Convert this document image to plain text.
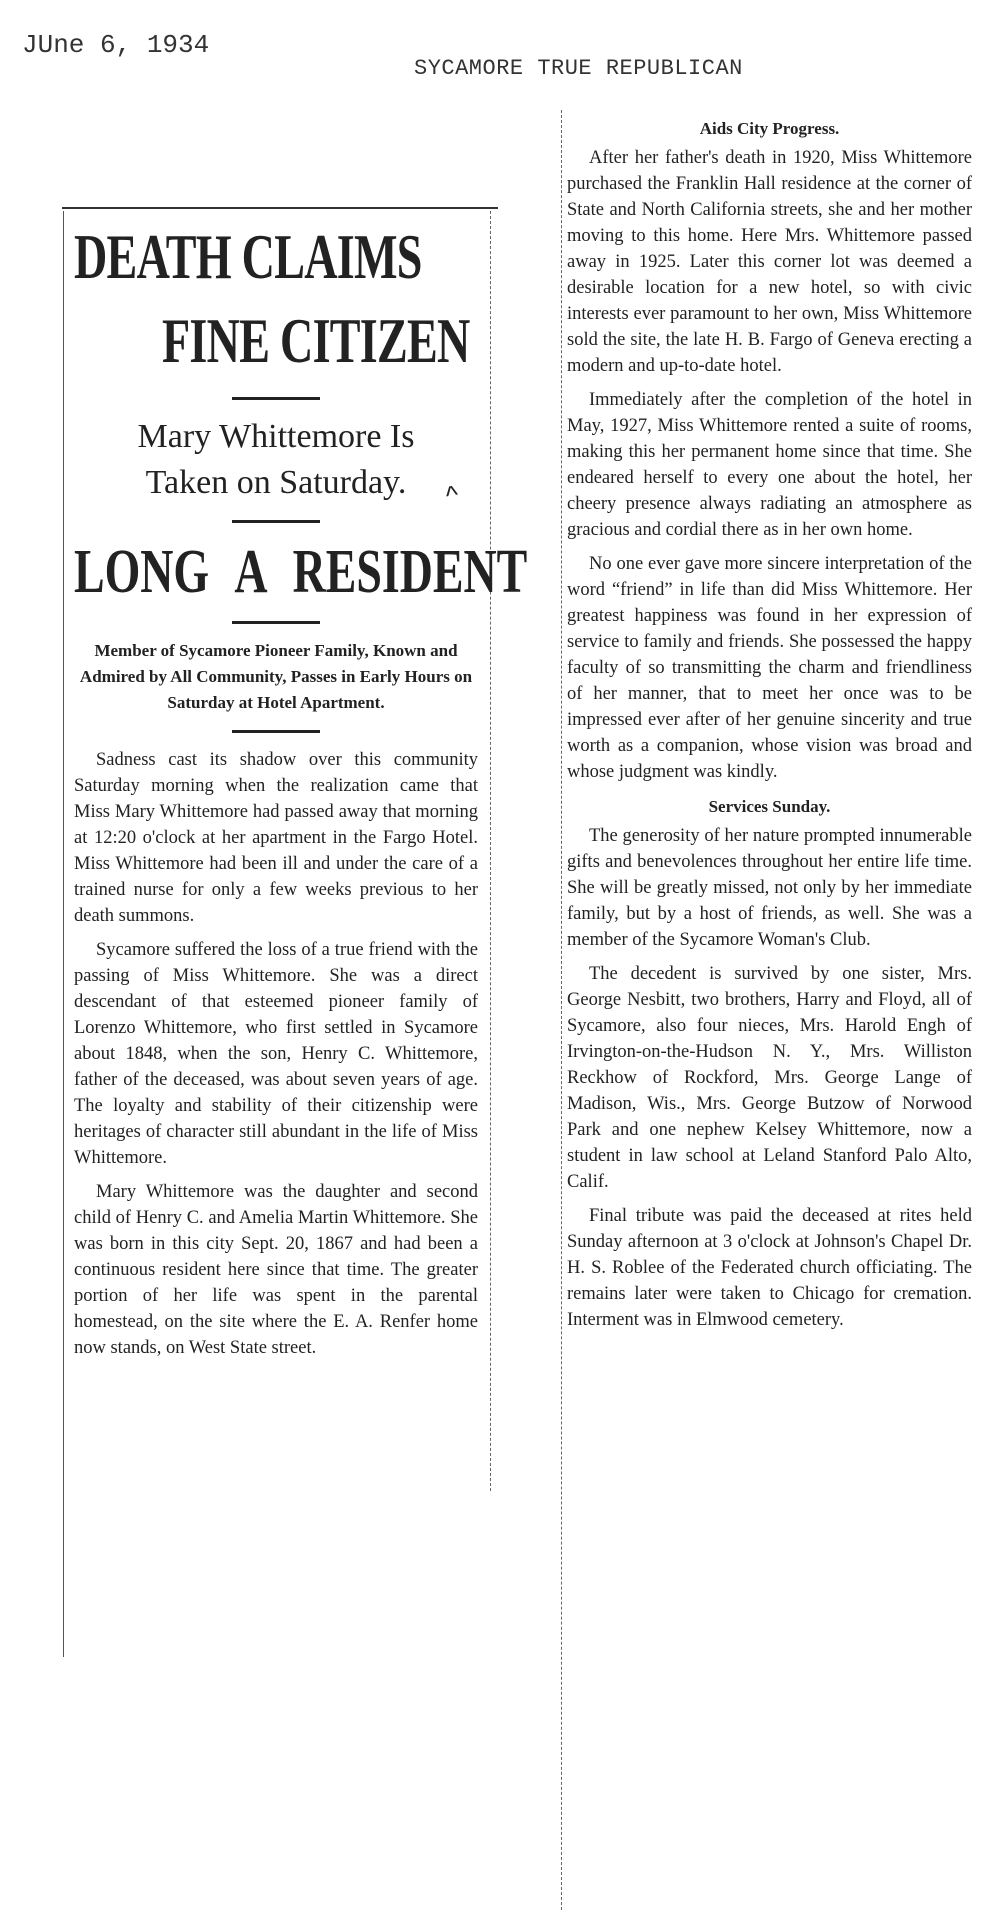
JUne 6, 1934
SYCAMORE TRUE REPUBLICAN
DEATH CLAIMS
FINE CITIZEN
Mary Whittemore Is
Taken on Saturday.
LONG A RESIDENT
Member of Sycamore Pioneer Family, Known and Admired by All Community, Passes in Early Hours on Saturday at Hotel Apartment.

Sadness cast its shadow over this community Saturday morning when the realization came that Miss Mary Whittemore had passed away that morning at 12:20 o'clock at her apartment in the Fargo Hotel. Miss Whittemore had been ill and under the care of a trained nurse for only a few weeks previous to her death summons.

Sycamore suffered the loss of a true friend with the passing of Miss Whittemore. She was a direct descendant of that esteemed pioneer family of Lorenzo Whittemore, who first settled in Sycamore about 1848, when the son, Henry C. Whittemore, father of the deceased, was about seven years of age. The loyalty and stability of their citizenship were heritages of character still abundant in the life of Miss Whittemore.

Mary Whittemore was the daughter and second child of Henry C. and Amelia Martin Whittemore. She was born in this city Sept. 20, 1867 and had been a continuous resident here since that time. The greater portion of her life was spent in the parental homestead, on the site where the E. A. Renfer home now stands, on West State street.

^
Aids City Progress.

After her father's death in 1920, Miss Whittemore purchased the Franklin Hall residence at the corner of State and North California streets, she and her mother moving to this home. Here Mrs. Whittemore passed away in 1925. Later this corner lot was deemed a desirable location for a new hotel, so with civic interests ever paramount to her own, Miss Whittemore sold the site, the late H. B. Fargo of Geneva erecting a modern and up-to-date hotel.

Immediately after the completion of the hotel in May, 1927, Miss Whittemore rented a suite of rooms, making this her permanent home since that time. She endeared herself to every one about the hotel, her cheery presence always radiating an atmosphere as gracious and cordial there as in her own home.

No one ever gave more sincere interpretation of the word “friend” in life than did Miss Whittemore. Her greatest happiness was found in her expression of service to family and friends. She possessed the happy faculty of so transmitting the charm and friendliness of her manner, that to meet her once was to be impressed ever after of her genuine sincerity and true worth as a companion, whose vision was broad and whose judgment was kindly.

Services Sunday.

The generosity of her nature prompted innumerable gifts and benevolences throughout her entire life time. She will be greatly missed, not only by her immediate family, but by a host of friends, as well. She was a member of the Sycamore Woman's Club.

The decedent is survived by one sister, Mrs. George Nesbitt, two brothers, Harry and Floyd, all of Sycamore, also four nieces, Mrs. Harold Engh of Irvington-on-the-Hudson N. Y., Mrs. Williston Reckhow of Rockford, Mrs. George Lange of Madison, Wis., Mrs. George Butzow of Norwood Park and one nephew Kelsey Whittemore, now a student in law school at Leland Stanford Palo Alto, Calif.

Final tribute was paid the deceased at rites held Sunday afternoon at 3 o'clock at Johnson's Chapel Dr. H. S. Roblee of the Federated church officiating. The remains later were taken to Chicago for cremation. Interment was in Elmwood cemetery.
